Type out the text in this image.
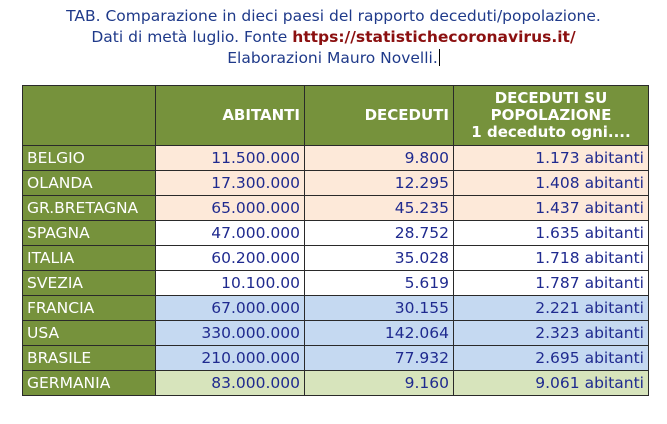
TAB. Comparazione in dieci paesi del rapporto deceduti/popolazione.
Dati di metà luglio. Fonte https://statistichecoronavirus.it/
Elaborazioni Mauro Novelli.
	ABITANTI	DECEDUTI	DECEDUTI SU
POPOLAZIONE
1 deceduto ogni....

BELGIO	11.500.000	9.800	1.173 abitanti
OLANDA	17.300.000	12.295	1.408 abitanti
GR.BRETAGNA	65.000.000	45.235	1.437 abitanti
SPAGNA	47.000.000	28.752	1.635 abitanti
ITALIA	60.200.000	35.028	1.718 abitanti
SVEZIA	10.100.00	5.619	1.787 abitanti
FRANCIA	67.000.000	30.155	2.221 abitanti
USA	330.000.000	142.064	2.323 abitanti
BRASILE	210.000.000	77.932	2.695 abitanti
GERMANIA	83.000.000	9.160	9.061 abitanti
